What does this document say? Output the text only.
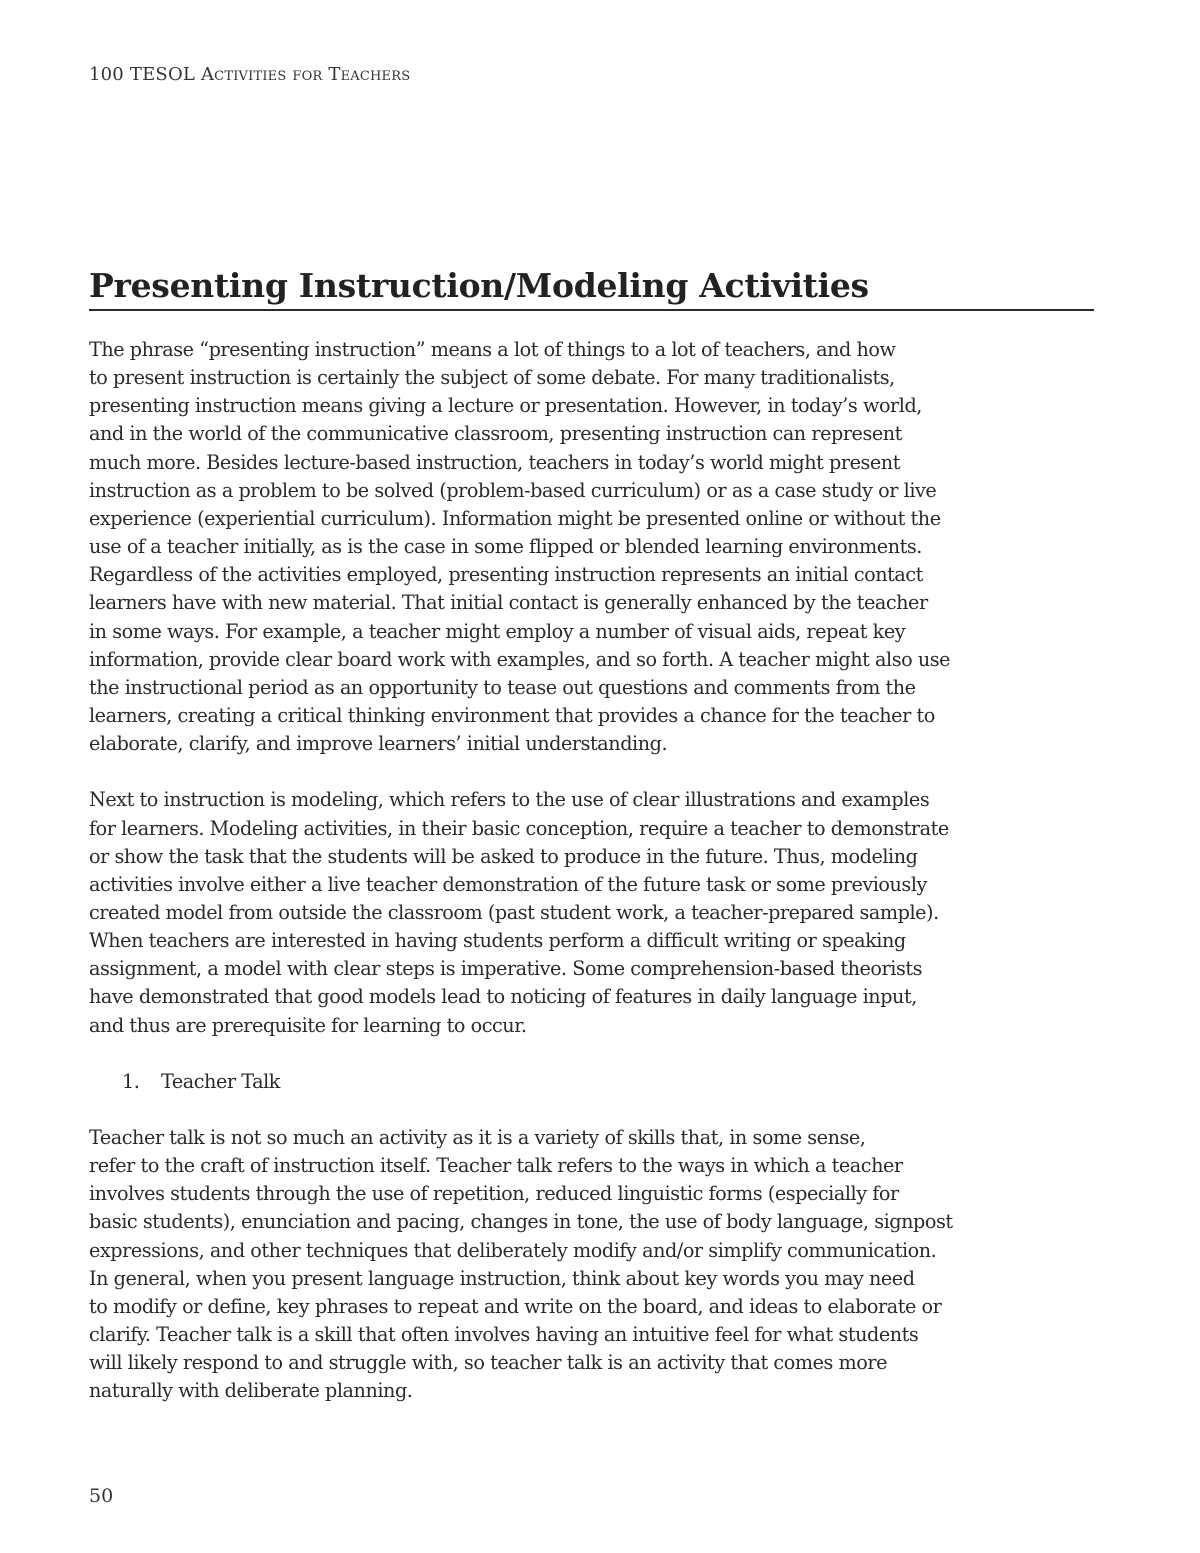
100 TESOL Activities for Teachers
Presenting Instruction/Modeling Activities

The phrase “presenting instruction” means a lot of things to a lot of teachers, and how
to present instruction is certainly the subject of some debate. For many traditionalists,
presenting instruction means giving a lecture or presentation. However, in today’s world,
and in the world of the communicative classroom, presenting instruction can represent
much more. Besides lecture-based instruction, teachers in today’s world might present
instruction as a problem to be solved (problem-based curriculum) or as a case study or live
experience (experiential curriculum). Information might be presented online or without the
use of a teacher initially, as is the case in some flipped or blended learning environments.
Regardless of the activities employed, presenting instruction represents an initial contact
learners have with new material. That initial contact is generally enhanced by the teacher
in some ways. For example, a teacher might employ a number of visual aids, repeat key
information, provide clear board work with examples, and so forth. A teacher might also use
the instructional period as an opportunity to tease out questions and comments from the
learners, creating a critical thinking environment that provides a chance for the teacher to
elaborate, clarify, and improve learners’ initial understanding.

Next to instruction is modeling, which refers to the use of clear illustrations and examples
for learners. Modeling activities, in their basic conception, require a teacher to demonstrate
or show the task that the students will be asked to produce in the future. Thus, modeling
activities involve either a live teacher demonstration of the future task or some previously
created model from outside the classroom (past student work, a teacher-prepared sample).
When teachers are interested in having students perform a difficult writing or speaking
assignment, a model with clear steps is imperative. Some comprehension-based theorists
have demonstrated that good models lead to noticing of features in daily language input,
and thus are prerequisite for learning to occur.

1. Teacher Talk

Teacher talk is not so much an activity as it is a variety of skills that, in some sense,
refer to the craft of instruction itself. Teacher talk refers to the ways in which a teacher
involves students through the use of repetition, reduced linguistic forms (especially for
basic students), enunciation and pacing, changes in tone, the use of body language, signpost
expressions, and other techniques that deliberately modify and/or simplify communication.
In general, when you present language instruction, think about key words you may need
to modify or define, key phrases to repeat and write on the board, and ideas to elaborate or
clarify. Teacher talk is a skill that often involves having an intuitive feel for what students
will likely respond to and struggle with, so teacher talk is an activity that comes more
naturally with deliberate planning.

50
